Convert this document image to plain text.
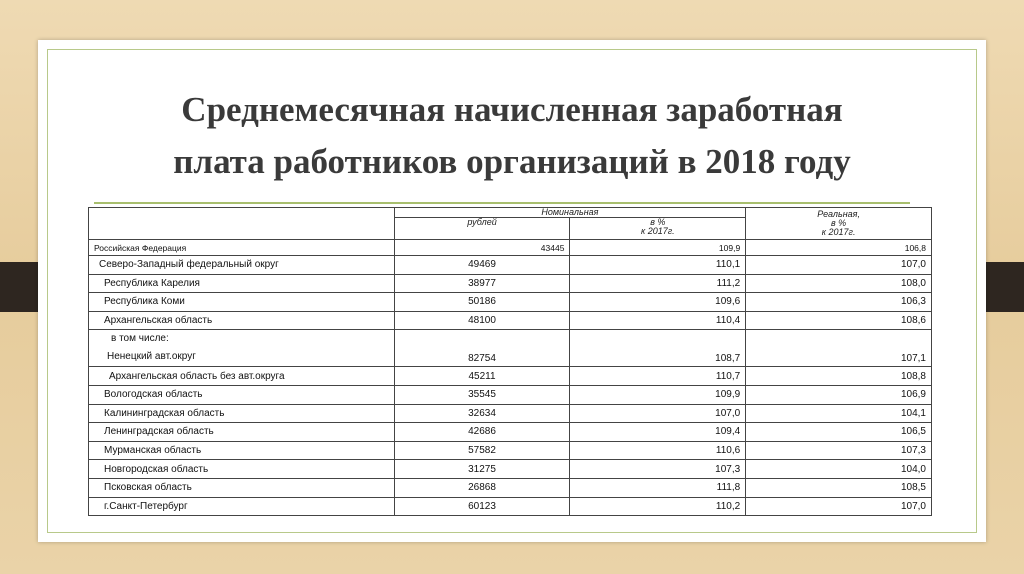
Среднемесячная начисленная заработная
плата работников организаций в 2018 году
	Номинальная		Реальная,
в %
к 2017г.

	рублей	в %
к 2017г.	

Российская Федерация	43445	109,9	106,8
Северо-Западный федеральный округ	49469	110,1	107,0
Республика Карелия	38977	111,2	108,0
Республика Коми	50186	109,6	106,3
Архангельская область	48100	110,4	108,6

в том числе:
Ненецкий авт.округ	82754	108,7	107,1
Архангельская область без авт.округа	45211	110,7	108,8
Вологодская область	35545	109,9	106,9
Калининградская область	32634	107,0	104,1
Ленинградская область	42686	109,4	106,5
Мурманская область	57582	110,6	107,3
Новгородская область	31275	107,3	104,0
Псковская область	26868	111,8	108,5
г.Санкт-Петербург	60123	110,2	107,0
